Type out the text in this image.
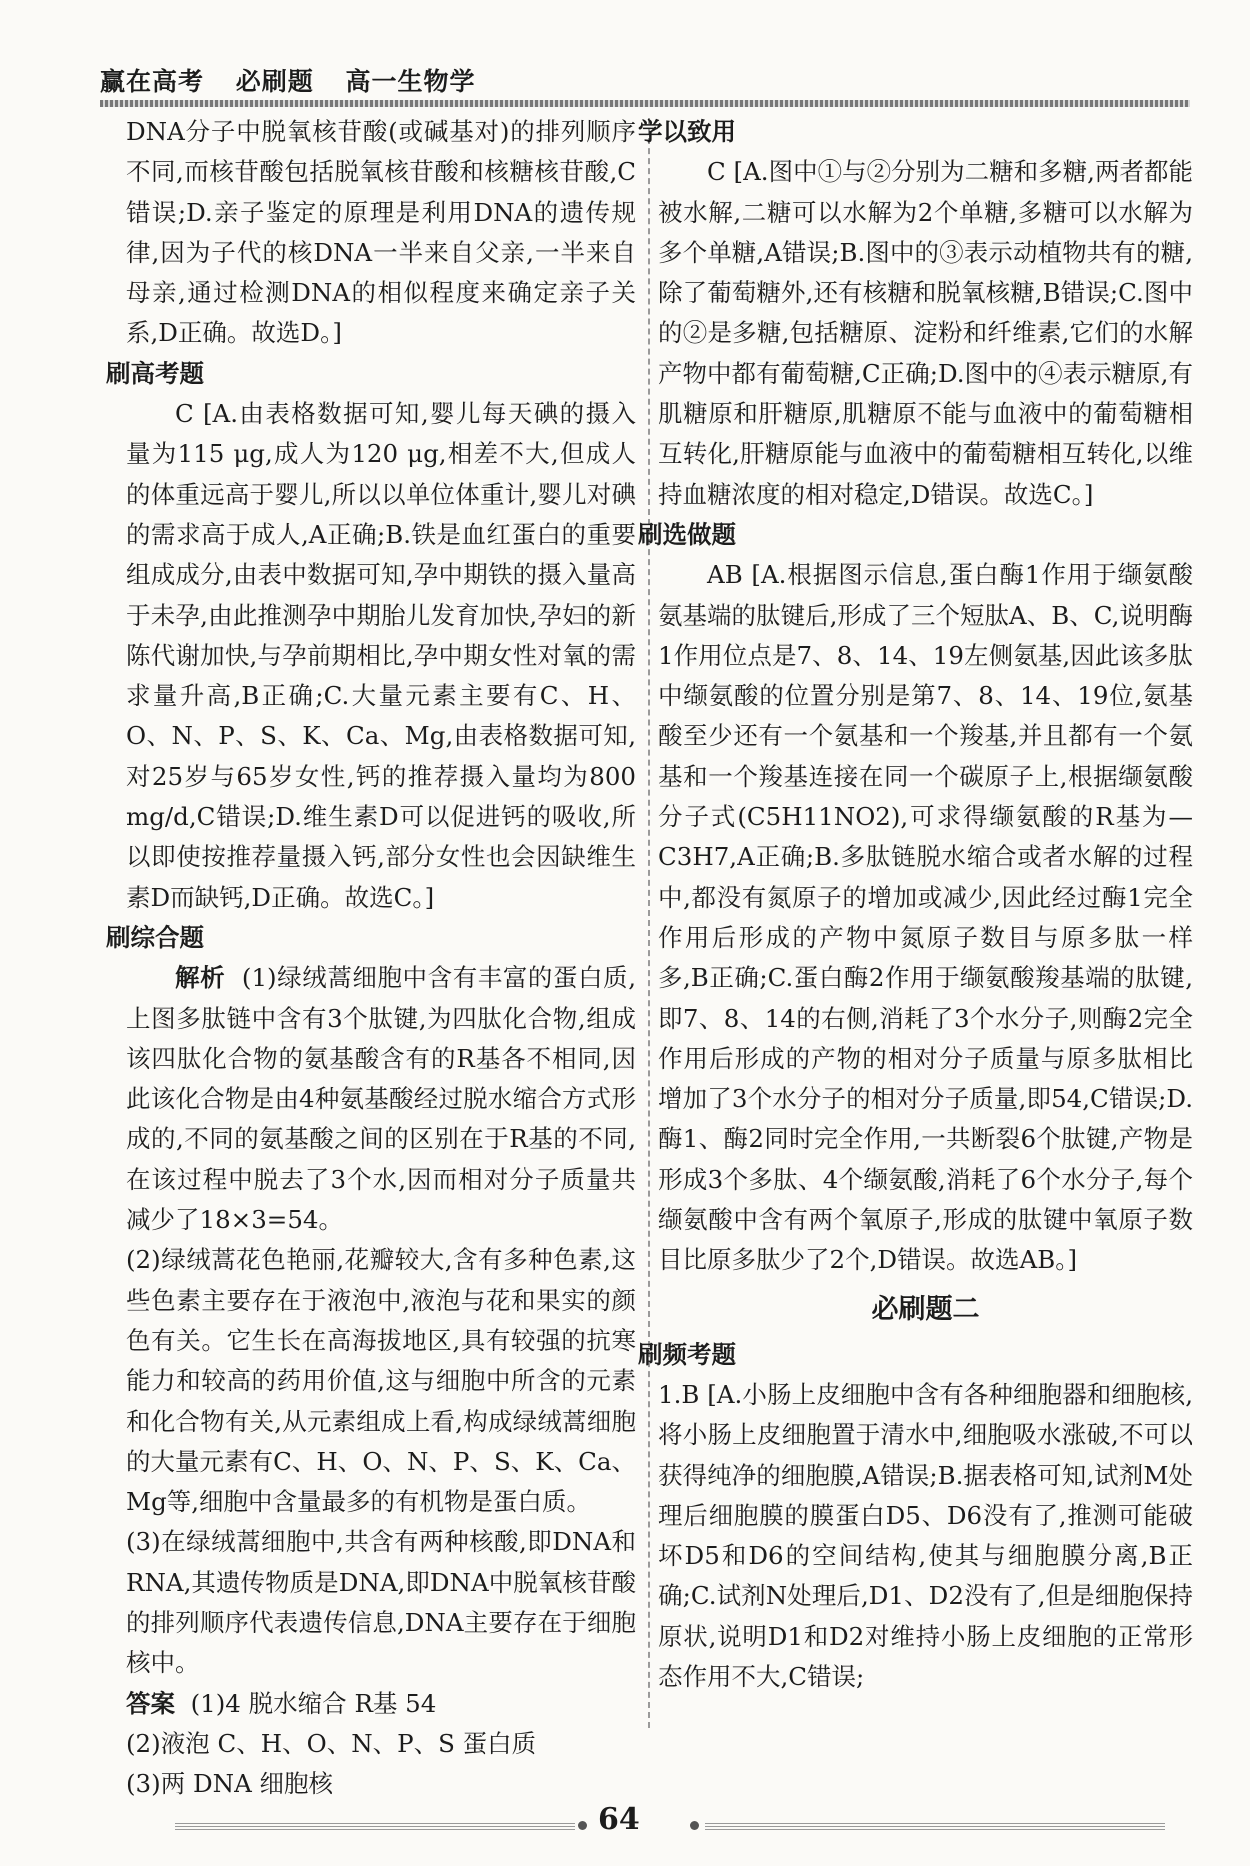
赢在高考 必刷题 高一生物学

DNA分子中脱氧核苷酸(或碱基对)的排列顺序不同,而核苷酸包括脱氧核苷酸和核糖核苷酸,C错误;D.亲子鉴定的原理是利用DNA的遗传规律,因为子代的核DNA一半来自父亲,一半来自母亲,通过检测DNA的相似程度来确定亲子关系,D正确。故选D。]

刷高考题

C [A.由表格数据可知,婴儿每天碘的摄入量为115 μg,成人为120 μg,相差不大,但成人的体重远高于婴儿,所以以单位体重计,婴儿对碘的需求高于成人,A正确;B.铁是血红蛋白的重要组成成分,由表中数据可知,孕中期铁的摄入量高于未孕,由此推测孕中期胎儿发育加快,孕妇的新陈代谢加快,与孕前期相比,孕中期女性对氧的需求量升高,B正确;C.大量元素主要有C、H、O、N、P、S、K、Ca、Mg,由表格数据可知,对25岁与65岁女性,钙的推荐摄入量均为800 mg/d,C错误;D.维生素D可以促进钙的吸收,所以即使按推荐量摄入钙,部分女性也会因缺维生素D而缺钙,D正确。故选C。]

刷综合题

解析 (1)绿绒蒿细胞中含有丰富的蛋白质,上图多肽链中含有3个肽键,为四肽化合物,组成该四肽化合物的氨基酸含有的R基各不相同,因此该化合物是由4种氨基酸经过脱水缩合方式形成的,不同的氨基酸之间的区别在于R基的不同,在该过程中脱去了3个水,因而相对分子质量共减少了18×3=54。

(2)绿绒蒿花色艳丽,花瓣较大,含有多种色素,这些色素主要存在于液泡中,液泡与花和果实的颜色有关。它生长在高海拔地区,具有较强的抗寒能力和较高的药用价值,这与细胞中所含的元素和化合物有关,从元素组成上看,构成绿绒蒿细胞的大量元素有C、H、O、N、P、S、K、Ca、Mg等,细胞中含量最多的有机物是蛋白质。

(3)在绿绒蒿细胞中,共含有两种核酸,即DNA和RNA,其遗传物质是DNA,即DNA中脱氧核苷酸的排列顺序代表遗传信息,DNA主要存在于细胞核中。

答案 (1)4 脱水缩合 R基 54

(2)液泡 C、H、O、N、P、S 蛋白质

(3)两 DNA 细胞核

学以致用

C [A.图中①与②分别为二糖和多糖,两者都能被水解,二糖可以水解为2个单糖,多糖可以水解为多个单糖,A错误;B.图中的③表示动植物共有的糖,除了葡萄糖外,还有核糖和脱氧核糖,B错误;C.图中的②是多糖,包括糖原、淀粉和纤维素,它们的水解产物中都有葡萄糖,C正确;D.图中的④表示糖原,有肌糖原和肝糖原,肌糖原不能与血液中的葡萄糖相互转化,肝糖原能与血液中的葡萄糖相互转化,以维持血糖浓度的相对稳定,D错误。故选C。]

刷选做题

AB [A.根据图示信息,蛋白酶1作用于缬氨酸氨基端的肽键后,形成了三个短肽A、B、C,说明酶1作用位点是7、8、14、19左侧氨基,因此该多肽中缬氨酸的位置分别是第7、8、14、19位,氨基酸至少还有一个氨基和一个羧基,并且都有一个氨基和一个羧基连接在同一个碳原子上,根据缬氨酸分子式(C5H11NO2),可求得缬氨酸的R基为—C3H7,A正确;B.多肽链脱水缩合或者水解的过程中,都没有氮原子的增加或减少,因此经过酶1完全作用后形成的产物中氮原子数目与原多肽一样多,B正确;C.蛋白酶2作用于缬氨酸羧基端的肽键,即7、8、14的右侧,消耗了3个水分子,则酶2完全作用后形成的产物的相对分子质量与原多肽相比增加了3个水分子的相对分子质量,即54,C错误;D.酶1、酶2同时完全作用,一共断裂6个肽键,产物是形成3个多肽、4个缬氨酸,消耗了6个水分子,每个缬氨酸中含有两个氧原子,形成的肽键中氧原子数目比原多肽少了2个,D错误。故选AB。]

必刷题二
刷频考题

1.B [A.小肠上皮细胞中含有各种细胞器和细胞核,将小肠上皮细胞置于清水中,细胞吸水涨破,不可以获得纯净的细胞膜,A错误;B.据表格可知,试剂M处理后细胞膜的膜蛋白D5、D6没有了,推测可能破坏D5和D6的空间结构,使其与细胞膜分离,B正确;C.试剂N处理后,D1、D2没有了,但是细胞保持原状,说明D1和D2对维持小肠上皮细胞的正常形态作用不大,C错误;

64
